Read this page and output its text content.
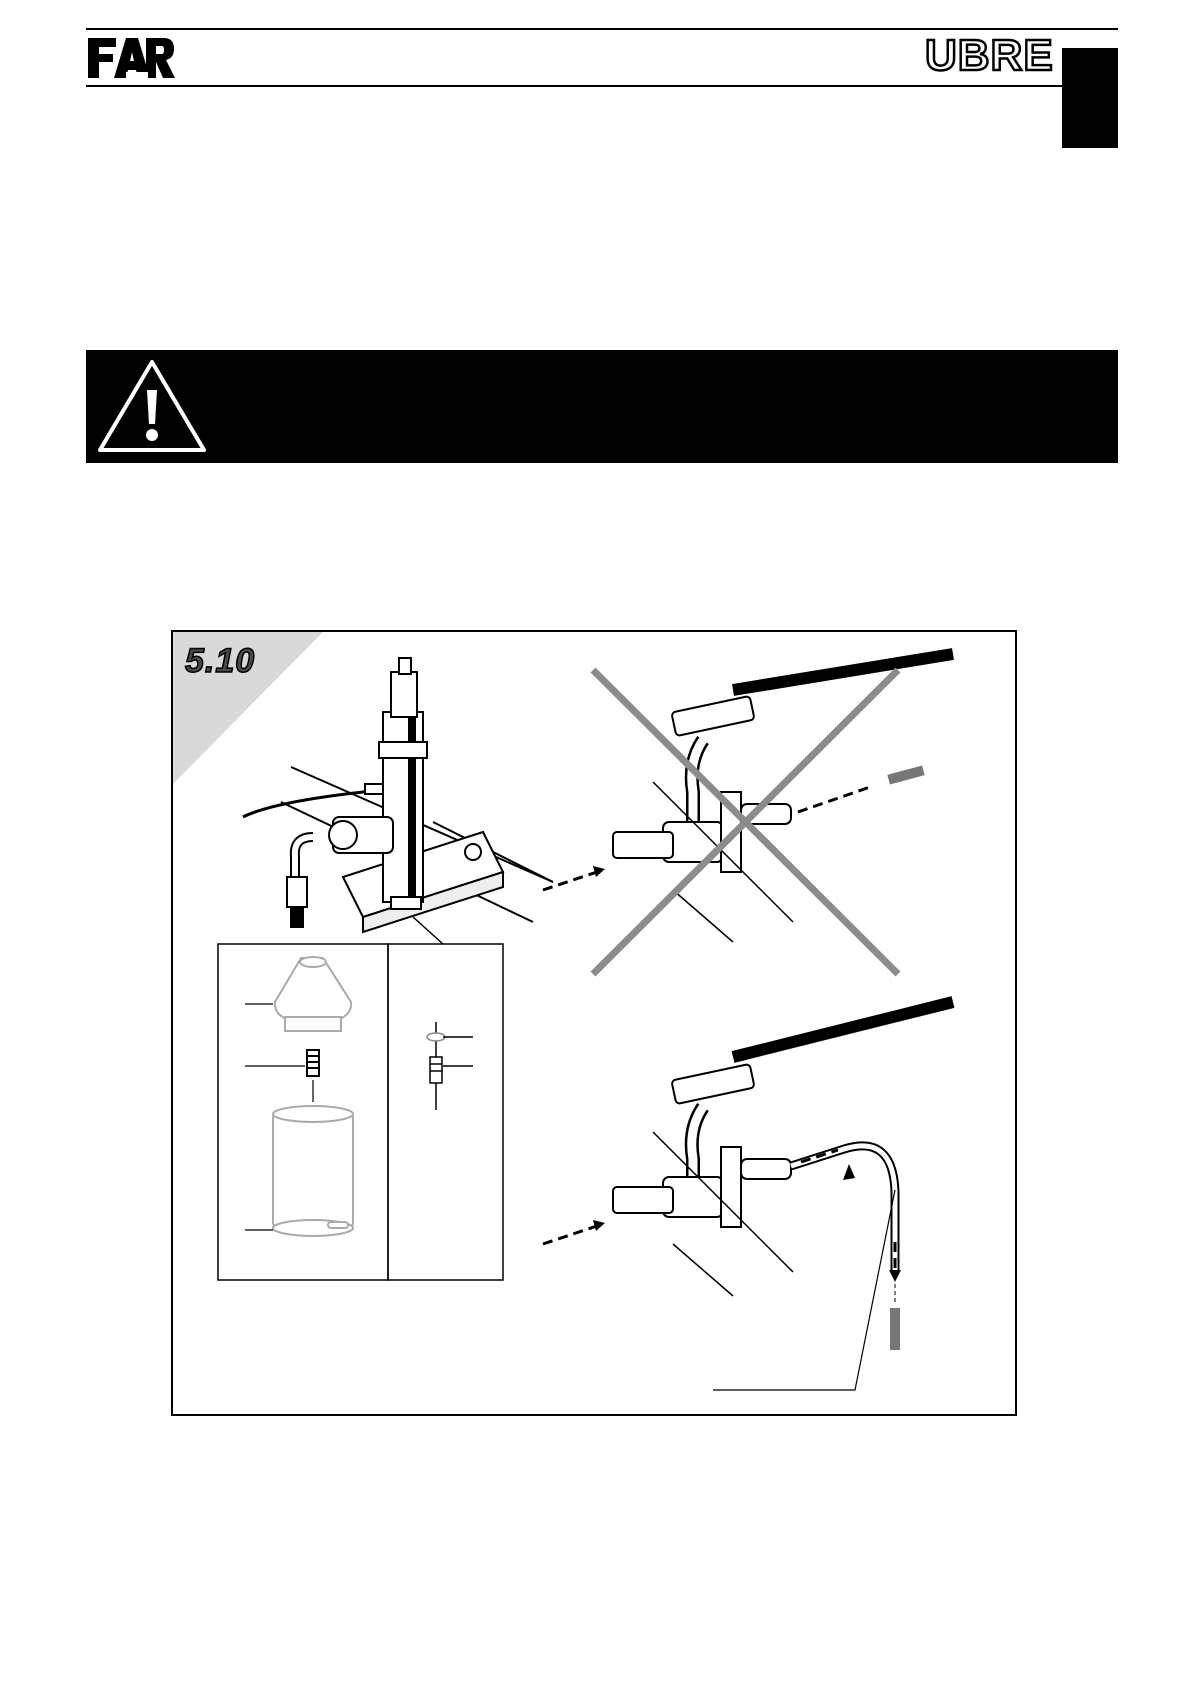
UBRE
5.10
